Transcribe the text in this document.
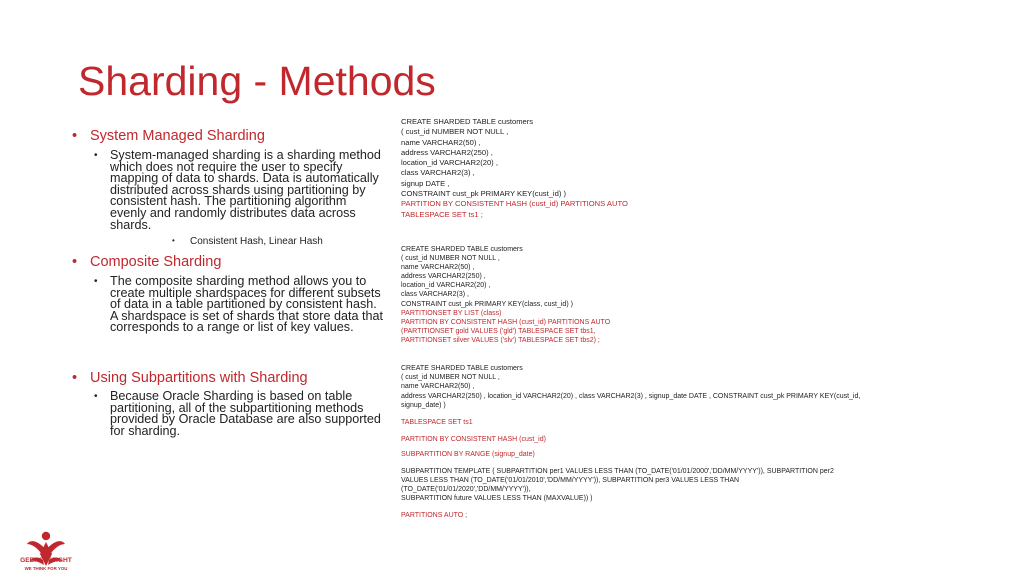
Sharding - Methods
• System Managed Sharding
• System-managed sharding is a sharding method which does not require the user to specify mapping of data to shards. Data is automatically distributed across shards using partitioning by consistent hash. The partitioning algorithm evenly and randomly distributes data across shards.
• Consistent Hash, Linear Hash
• Composite Sharding
• The composite sharding method allows you to create multiple shardspaces for different subsets of data in a table partitioned by consistent hash. A shardspace is set of shards that store data that corresponds to a range or list of key values.
• Using Subpartitions with Sharding
• Because Oracle Sharding is based on table partitioning, all of the subpartitioning methods provided by Oracle Database are also supported for sharding.
CREATE SHARDED TABLE customers
( cust_id NUMBER NOT NULL ,
name VARCHAR2(50) ,
address VARCHAR2(250) ,
location_id VARCHAR2(20) ,
class VARCHAR2(3) ,
signup DATE ,
CONSTRAINT cust_pk PRIMARY KEY(cust_id) )
PARTITION BY CONSISTENT HASH (cust_id) PARTITIONS AUTO
TABLESPACE SET ts1 ;
CREATE SHARDED TABLE customers
( cust_id NUMBER NOT NULL ,
name VARCHAR2(50) ,
address VARCHAR2(250) ,
location_id VARCHAR2(20) ,
class VARCHAR2(3) ,
CONSTRAINT cust_pk PRIMARY KEY(class, cust_id) )
PARTITIONSET BY LIST (class)
PARTITION BY CONSISTENT HASH (cust_id) PARTITIONS AUTO
(PARTITIONSET gold VALUES ('gld') TABLESPACE SET tbs1,
PARTITIONSET silver VALUES ('slv') TABLESPACE SET tbs2) ;
CREATE SHARDED TABLE customers
( cust_id NUMBER NOT NULL ,
name VARCHAR2(50) ,
address VARCHAR2(250) , location_id VARCHAR2(20) , class VARCHAR2(3) , signup_date DATE , CONSTRAINT cust_pk PRIMARY KEY(cust_id,
signup_date) )
TABLESPACE SET ts1
PARTITION BY CONSISTENT HASH (cust_id)
SUBPARTITION BY RANGE (signup_date)
SUBPARTITION TEMPLATE ( SUBPARTITION per1 VALUES LESS THAN (TO_DATE('01/01/2000','DD/MM/YYYY')), SUBPARTITION per2
VALUES LESS THAN (TO_DATE('01/01/2010','DD/MM/YYYY')), SUBPARTITION per3 VALUES LESS THAN
(TO_DATE('01/01/2020','DD/MM/YYYY')),
SUBPARTITION future VALUES LESS THAN (MAXVALUE)) )
PARTITIONS AUTO ;
GEEKS INSIGHT
WE THINK FOR YOU
